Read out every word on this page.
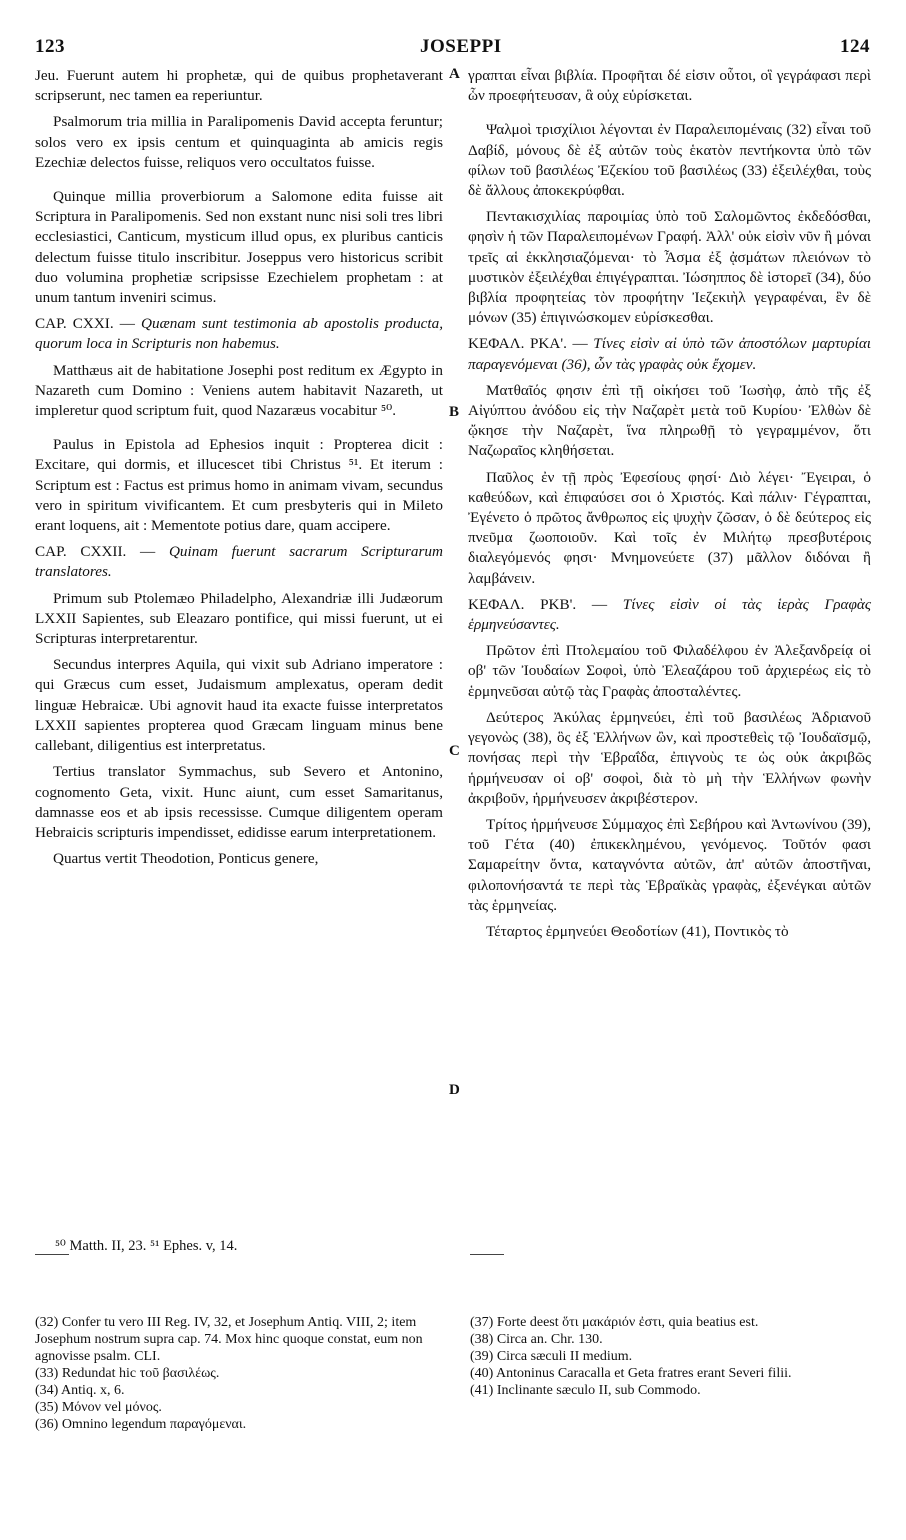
123	JOSEPPI	124
A
B
C
D

Jeu. Fuerunt autem hi prophetæ, qui de quibus prophetaverant scripserunt, nec tamen ea reperiuntur.

Psalmorum tria millia in Paralipomenis David accepta feruntur; solos vero ex ipsis centum et quinquaginta ab amicis regis Ezechiæ delectos fuisse, reliquos vero occultatos fuisse.

Quinque millia proverbiorum a Salomone edita fuisse ait Scriptura in Paralipomenis. Sed non exstant nunc nisi soli tres libri ecclesiastici, Canticum, mysticum illud opus, ex pluribus canticis delectum fuisse titulo inscribitur. Joseppus vero historicus scribit duo volumina prophetiæ scripsisse Ezechielem prophetam : at unum tantum inveniri scimus.

CAP. CXXI. — Quænam sunt testimonia ab apostolis producta, quorum loca in Scripturis non habemus.

Matthæus ait de habitatione Josephi post reditum ex Ægypto in Nazareth cum Domino : Veniens autem habitavit Nazareth, ut impleretur quod scriptum fuit, quod Nazaræus vocabitur ⁵⁰.

Paulus in Epistola ad Ephesios inquit : Propterea dicit : Excitare, qui dormis, et illucescet tibi Christus ⁵¹. Et iterum : Scriptum est : Factus est primus homo in animam vivam, secundus vero in spiritum vivificantem. Et cum presbyteris qui in Mileto erant loquens, ait : Mementote potius dare, quam accipere.

CAP. CXXII. — Quinam fuerunt sacrarum Scripturarum translatores.

Primum sub Ptolemæo Philadelpho, Alexandriæ illi Judæorum LXXII Sapientes, sub Eleazaro pontifice, qui missi fuerunt, ut ei Scripturas interpretarentur.

Secundus interpres Aquila, qui vixit sub Adriano imperatore : qui Græcus cum esset, Judaismum amplexatus, operam dedit linguæ Hebraicæ. Ubi agnovit haud ita exacte fuisse interpretatos LXXII sapientes propterea quod Græcam linguam minus bene callebant, diligentius est interpretatus.

Tertius translator Symmachus, sub Severo et Antonino, cognomento Geta, vixit. Hunc aiunt, cum esset Samaritanus, damnasse eos et ab ipsis recessisse. Cumque diligentem operam Hebraicis scripturis impendisset, edidisse earum interpretationem.

Quartus vertit Theodotion, Ponticus genere,

γραπται εἶναι βιβλία. Προφῆται δέ εἰσιν οὗτοι, οἳ γεγράφασι περὶ ὧν προεφήτευσαν, ἃ οὐχ εὑρίσκεται.

Ψαλμοὶ τρισχίλιοι λέγονται ἐν Παραλειπομέναις (32) εἶναι τοῦ Δαβίδ, μόνους δὲ ἐξ αὐτῶν τοὺς ἑκατὸν πεντήκοντα ὑπὸ τῶν φίλων τοῦ βασιλέως Ἐζεκίου τοῦ βασιλέως (33) ἐξειλέχθαι, τοὺς δὲ ἄλλους ἀποκεκρύφθαι.

Πεντακισχιλίας παροιμίας ὑπὸ τοῦ Σαλομῶντος ἐκδεδόσθαι, φησὶν ἡ τῶν Παραλειπομένων Γραφή. Ἀλλ' οὐκ εἰσὶν νῦν ἢ μόναι τρεῖς αἱ ἐκκλησιαζόμεναι· τὸ Ἆσμα ἐξ ᾀσμάτων πλειόνων τὸ μυστικὸν ἐξειλέχθαι ἐπιγέγραπται. Ἰώσηππος δὲ ἱστορεῖ (34), δύο βιβλία προφητείας τὸν προφήτην Ἰεζεκιὴλ γεγραφέναι, ἓν δὲ μόνων (35) ἐπιγινώσκομεν εὑρίσκεσθαι.

ΚΕΦΑΛ. ΡΚΑ'. — Τίνες εἰσὶν αἱ ὑπὸ τῶν ἀποστόλων μαρτυρίαι παραγενόμεναι (36), ὧν τὰς γραφὰς οὐκ ἔχομεν.

Ματθαῖός φησιν ἐπὶ τῇ οἰκήσει τοῦ Ἰωσὴφ, ἀπὸ τῆς ἐξ Αἰγύπτου ἀνόδου εἰς τὴν Ναζαρὲτ μετὰ τοῦ Κυρίου· Ἐλθὼν δὲ ᾤκησε τὴν Ναζαρὲτ, ἵνα πληρωθῇ τὸ γεγραμμένον, ὅτι Ναζωραῖος κληθήσεται.

Παῦλος ἐν τῇ πρὸς Ἐφεσίους φησί· Διὸ λέγει· Ἔγειραι, ὁ καθεύδων, καὶ ἐπιφαύσει σοι ὁ Χριστός. Καὶ πάλιν· Γέγραπται, Ἐγένετο ὁ πρῶτος ἄνθρωπος εἰς ψυχὴν ζῶσαν, ὁ δὲ δεύτερος εἰς πνεῦμα ζωοποιοῦν. Καὶ τοῖς ἐν Μιλήτῳ πρεσβυτέροις διαλεγόμενός φησι· Μνημονεύετε (37) μᾶλλον διδόναι ἢ λαμβάνειν.

ΚΕΦΑΛ. ΡΚΒ'. — Τίνες εἰσὶν οἱ τὰς ἱερὰς Γραφὰς ἑρμηνεύσαντες.

Πρῶτον ἐπὶ Πτολεμαίου τοῦ Φιλαδέλφου ἐν Ἀλεξανδρείᾳ οἱ οβ' τῶν Ἰουδαίων Σοφοὶ, ὑπὸ Ἐλεαζάρου τοῦ ἀρχιερέως εἰς τὸ ἑρμηνεῦσαι αὐτῷ τὰς Γραφὰς ἀποσταλέντες.

Δεύτερος Ἀκύλας ἑρμηνεύει, ἐπὶ τοῦ βασιλέως Ἀδριανοῦ γεγονὼς (38), ὃς ἐξ Ἑλλήνων ὢν, καὶ προστεθεὶς τῷ Ἰουδαϊσμῷ, πονήσας περὶ τὴν Ἑβραΐδα, ἐπιγνοὺς τε ὡς οὐκ ἀκριβῶς ἡρμήνευσαν οἱ οβ' σοφοὶ, διὰ τὸ μὴ τὴν Ἑλλήνων φωνὴν ἀκριβοῦν, ἡρμήνευσεν ἀκριβέστερον.

Τρίτος ἡρμήνευσε Σύμμαχος ἐπὶ Σεβήρου καὶ Ἀντωνίνου (39), τοῦ Γέτα (40) ἐπικεκλημένου, γενόμενος. Τοῦτόν φασι Σαμαρείτην ὄντα, καταγνόντα αὐτῶν, ἀπ' αὐτῶν ἀποστῆναι, φιλοπονήσαντά τε περὶ τὰς Ἑβραϊκὰς γραφὰς, ἐξενέγκαι αὐτῶν τὰς ἑρμηνείας.

Τέταρτος ἑρμηνεύει Θεοδοτίων (41), Ποντικὸς τὸ

⁵⁰ Matth. II, 23. ⁵¹ Ephes. v, 14.
(32) Confer tu vero III Reg. IV, 32, et Josephum Antiq. VIII, 2; item Josephum nostrum supra cap. 74. Mox hinc quoque constat, eum non agnovisse psalm. CLI.
(33) Redundat hic τοῦ βασιλέως.
(34) Antiq. x, 6.
(35) Μόνον vel μόνος.
(36) Omnino legendum παραγόμεναι.
(37) Forte deest ὅτι μακάριόν ἐστι, quia beatius est.
(38) Circa an. Chr. 130.
(39) Circa sæculi II medium.
(40) Antoninus Caracalla et Geta fratres erant Severi filii.
(41) Inclinante sæculo II, sub Commodo.
